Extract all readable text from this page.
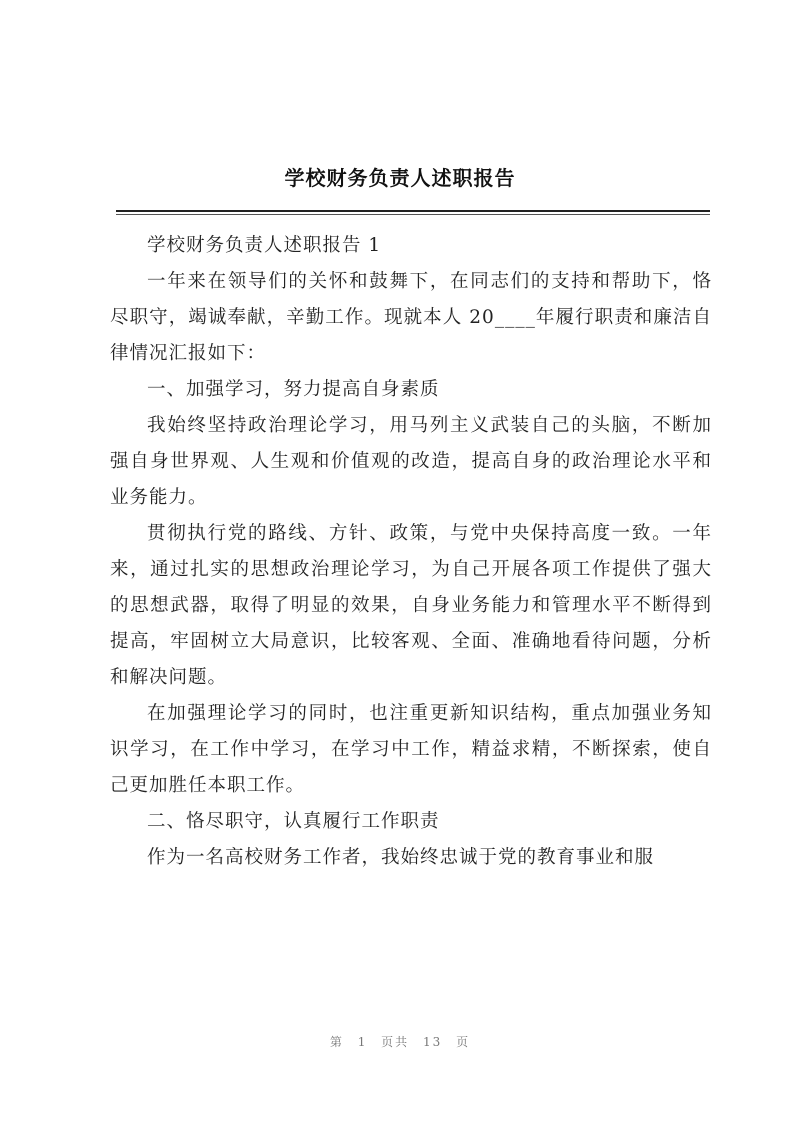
学校财务负责人述职报告

学校财务负责人述职报告 1

一年来在领导们的关怀和鼓舞下，在同志们的支持和帮助下，恪尽职守，竭诚奉献，辛勤工作。现就本人 20____年履行职责和廉洁自律情况汇报如下：

一、加强学习，努力提高自身素质

我始终坚持政治理论学习，用马列主义武装自己的头脑，不断加强自身世界观、人生观和价值观的改造，提高自身的政治理论水平和业务能力。

贯彻执行党的路线、方针、政策，与党中央保持高度一致。一年来，通过扎实的思想政治理论学习，为自己开展各项工作提供了强大的思想武器，取得了明显的效果，自身业务能力和管理水平不断得到提高，牢固树立大局意识，比较客观、全面、准确地看待问题，分析和解决问题。

在加强理论学习的同时，也注重更新知识结构，重点加强业务知识学习，在工作中学习，在学习中工作，精益求精，不断探索，使自己更加胜任本职工作。

二、恪尽职守，认真履行工作职责

作为一名高校财务工作者，我始终忠诚于党的教育事业和服

第 1 页共 13 页
